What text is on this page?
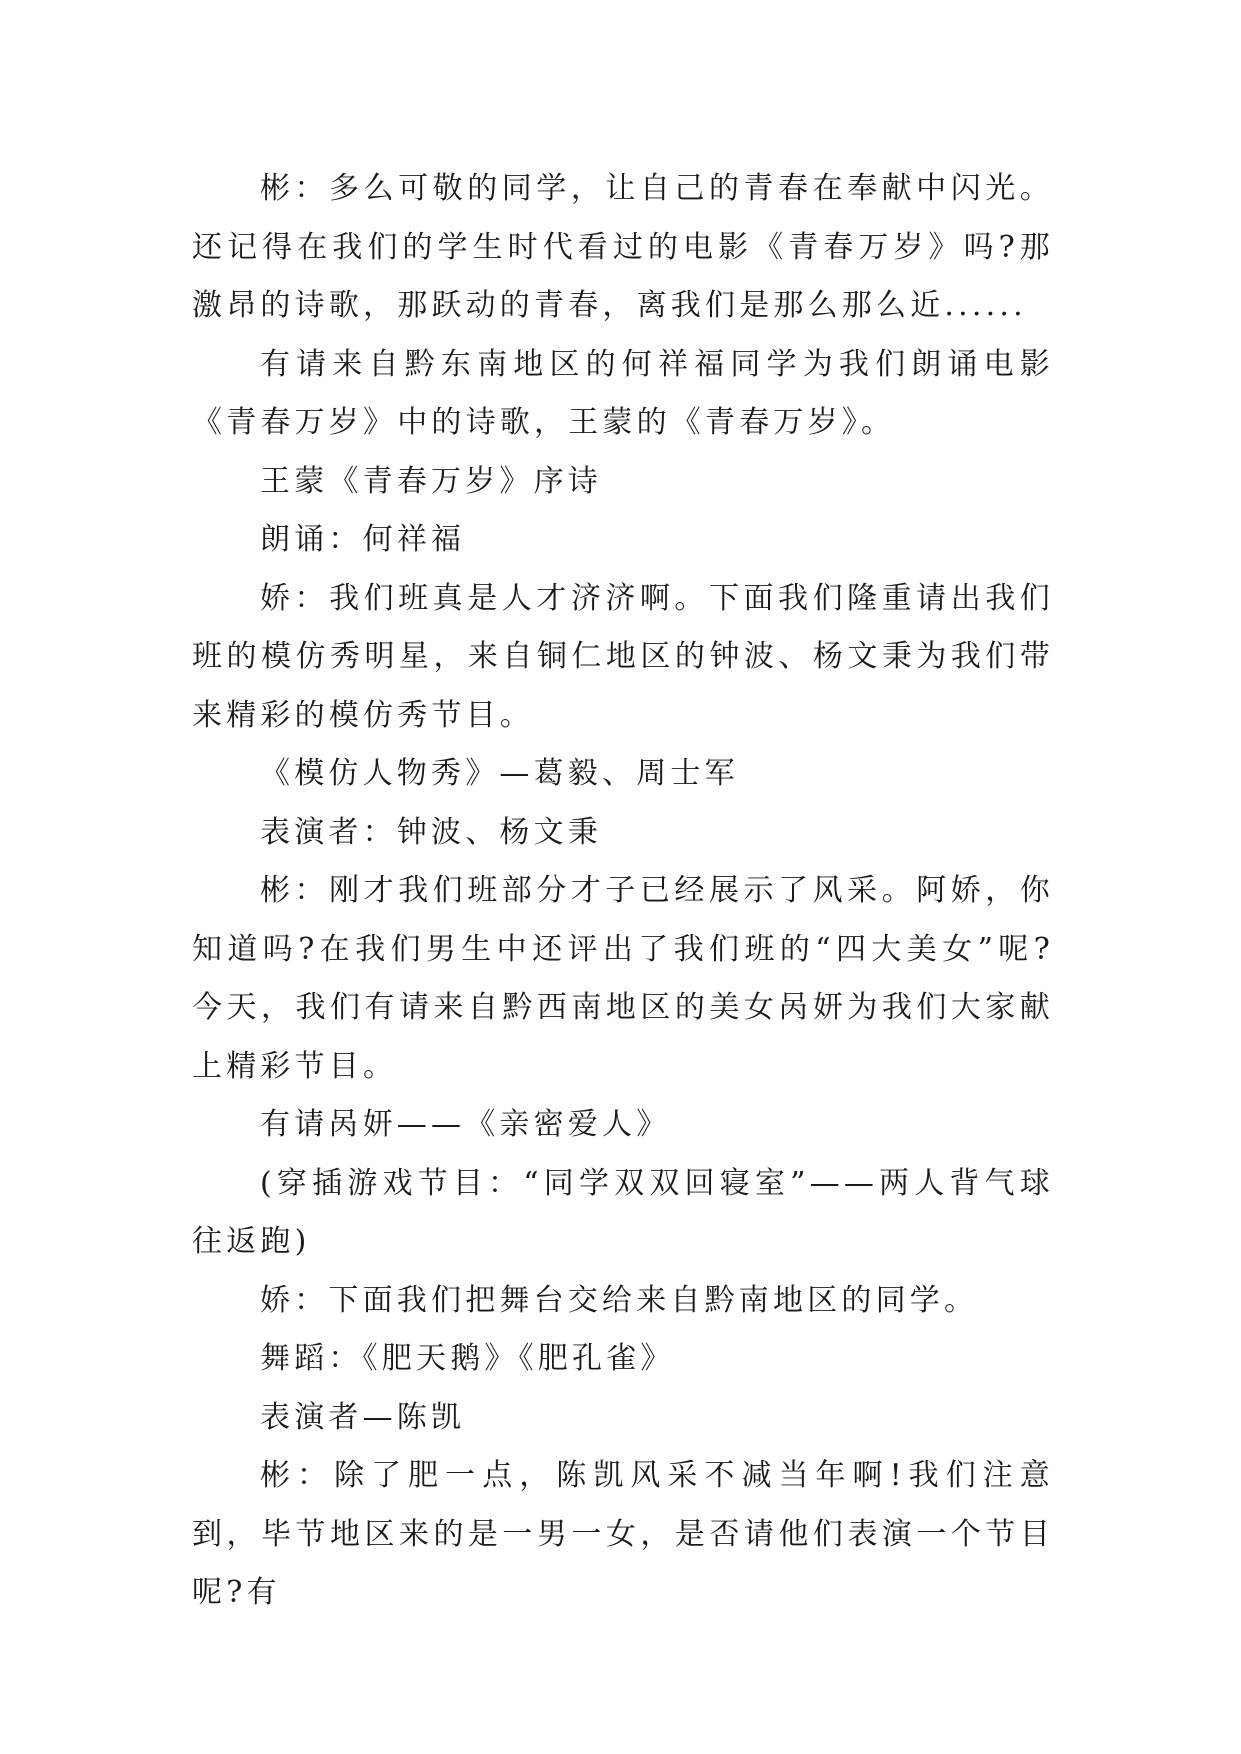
彬：多么可敬的同学，让自己的青春在奉献中闪光。还记得在我们的学生时代看过的电影《青春万岁》吗?那激昂的诗歌，那跃动的青春，离我们是那么那么近......

有请来自黔东南地区的何祥福同学为我们朗诵电影《青春万岁》中的诗歌，王蒙的《青春万岁》。

王蒙《青春万岁》序诗

朗诵：何祥福

娇：我们班真是人才济济啊。下面我们隆重请出我们班的模仿秀明星，来自铜仁地区的钟波、杨文秉为我们带来精彩的模仿秀节目。

《模仿人物秀》—葛毅、周士军

表演者：钟波、杨文秉

彬：刚才我们班部分才子已经展示了风采。阿娇，你知道吗?在我们男生中还评出了我们班的“四大美女”呢?今天，我们有请来自黔西南地区的美女呙妍为我们大家献上精彩节目。

有请呙妍——《亲密爱人》

(穿插游戏节目：“同学双双回寝室”——两人背气球往返跑)

娇：下面我们把舞台交给来自黔南地区的同学。

舞蹈：《肥天鹅》《肥孔雀》

表演者—陈凯

彬：除了肥一点，陈凯风采不减当年啊!我们注意到，毕节地区来的是一男一女，是否请他们表演一个节目呢?有
